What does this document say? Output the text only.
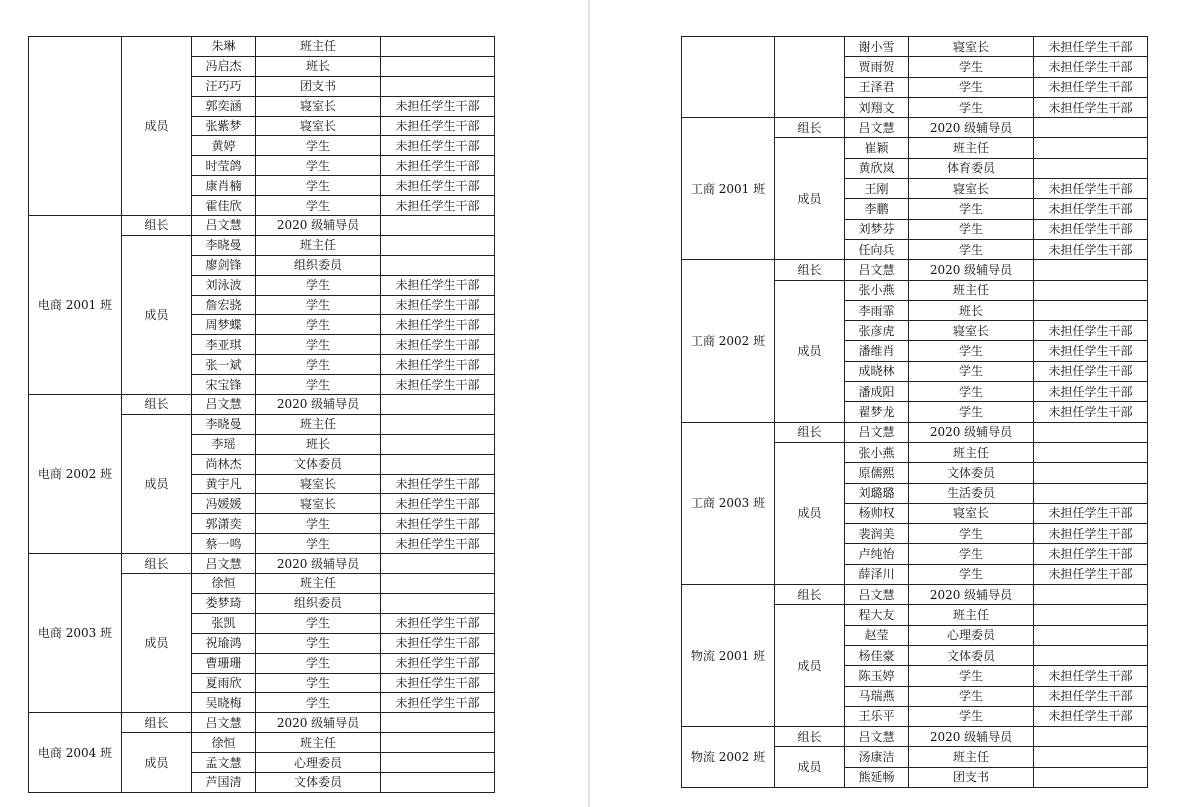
	成员	朱琳	班主任	
		冯启杰	班长	
		汪巧巧	团支书	
		郭奕涵	寝室长	未担任学生干部
		张紫梦	寝室长	未担任学生干部
		黄婷	学生	未担任学生干部
		时莹鸽	学生	未担任学生干部
		康肖楠	学生	未担任学生干部
		霍佳欣	学生	未担任学生干部
电商 2001 班	组长	吕文慧	2020 级辅导员	
	成员	李晓曼	班主任	
		廖剑锋	组织委员	
		刘泳波	学生	未担任学生干部
		詹宏骁	学生	未担任学生干部
		周梦蝶	学生	未担任学生干部
		李亚琪	学生	未担任学生干部
		张一斌	学生	未担任学生干部
		宋宝锋	学生	未担任学生干部
电商 2002 班	组长	吕文慧	2020 级辅导员	
	成员	李晓曼	班主任	
		李瑶	班长	
		尚林杰	文体委员	
		黄宇凡	寝室长	未担任学生干部
		冯媛媛	寝室长	未担任学生干部
		郭潇奕	学生	未担任学生干部
		蔡一鸣	学生	未担任学生干部
电商 2003 班	组长	吕文慧	2020 级辅导员	
	成员	徐恒	班主任	
		娄梦琦	组织委员	
		张凯	学生	未担任学生干部
		祝瑜鸿	学生	未担任学生干部
		曹珊珊	学生	未担任学生干部
		夏雨欣	学生	未担任学生干部
		吴晓梅	学生	未担任学生干部
电商 2004 班	组长	吕文慧	2020 级辅导员	
	成员	徐恒	班主任	
		孟文慧	心理委员	
		芦国清	文体委员	
		谢小雪	寝室长	未担任学生干部
		贾雨贺	学生	未担任学生干部
		王泽君	学生	未担任学生干部
		刘翔文	学生	未担任学生干部
工商 2001 班	组长	吕文慧	2020 级辅导员	
	成员	崔颖	班主任	
		黄欣岚	体育委员	
		王刚	寝室长	未担任学生干部
		李鹏	学生	未担任学生干部
		刘梦芬	学生	未担任学生干部
		任向兵	学生	未担任学生干部
工商 2002 班	组长	吕文慧	2020 级辅导员	
	成员	张小燕	班主任	
		李雨霏	班长	
		张彦虎	寝室长	未担任学生干部
		潘维肖	学生	未担任学生干部
		成晓林	学生	未担任学生干部
		潘成阳	学生	未担任学生干部
		翟梦龙	学生	未担任学生干部
工商 2003 班	组长	吕文慧	2020 级辅导员	
	成员	张小燕	班主任	
		原儒熙	文体委员	
		刘璐璐	生活委员	
		杨帅权	寝室长	未担任学生干部
		裴润美	学生	未担任学生干部
		卢纯怡	学生	未担任学生干部
		薛泽川	学生	未担任学生干部
物流 2001 班	组长	吕文慧	2020 级辅导员	
	成员	程大友	班主任	
		赵莹	心理委员	
		杨佳豪	文体委员	
		陈玉婷	学生	未担任学生干部
		马瑞燕	学生	未担任学生干部
		王乐平	学生	未担任学生干部
物流 2002 班	组长	吕文慧	2020 级辅导员	
	成员	汤康洁	班主任	
		熊延畅	团支书	
